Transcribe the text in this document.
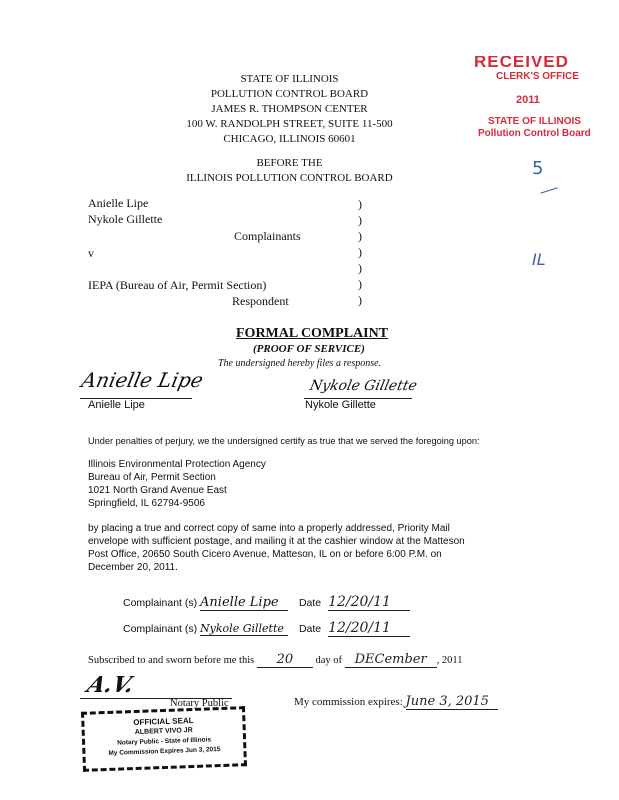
RECEIVED
CLERK'S OFFICE
2011
STATE OF ILLINOIS
Pollution Control Board
5
IL
STATE OF ILLINOIS
POLLUTION CONTROL BOARD
JAMES R. THOMPSON CENTER
100 W. RANDOLPH STREET, SUITE 11-500
CHICAGO, ILLINOIS 60601
BEFORE THE
ILLINOIS POLLUTION CONTROL BOARD
Anielle Lipe
Nykole Gillette
Complainants
v
IEPA (Bureau of Air, Permit Section)
Respondent
)
)
)
)
)
)
)
FORMAL COMPLAINT
(PROOF OF SERVICE)
The undersigned hereby files a response.
Anielle Lipe
Anielle Lipe
Nykole Gillette
Nykole Gillette
Under penalties of perjury, we the undersigned certify as true that we served the foregoing upon:
Illinois Environmental Protection Agency
Bureau of Air, Permit Section
1021 North Grand Avenue East
Springfield, IL 62794-9506
by placing a true and correct copy of same into a properly addressed, Priority Mail
envelope with sufficient postage, and mailing it at the cashier window at the Matteson
Post Office, 20650 South Cicero Avenue, Matteson, IL on or before 6:00 P.M. on
December 20, 2011.
Complainant (s) Anielle Lipe Date 12/20/11
Complainant (s) Nykole Gillette Date 12/20/11
Subscribed to and sworn before me this 20 day of DECember , 2011
A.V.
Notary Public	My commission expires: June 3, 2015
OFFICIAL SEAL
ALBERT VIVO JR
Notary Public - State of Illinois
My Commission Expires Jun 3, 2015
